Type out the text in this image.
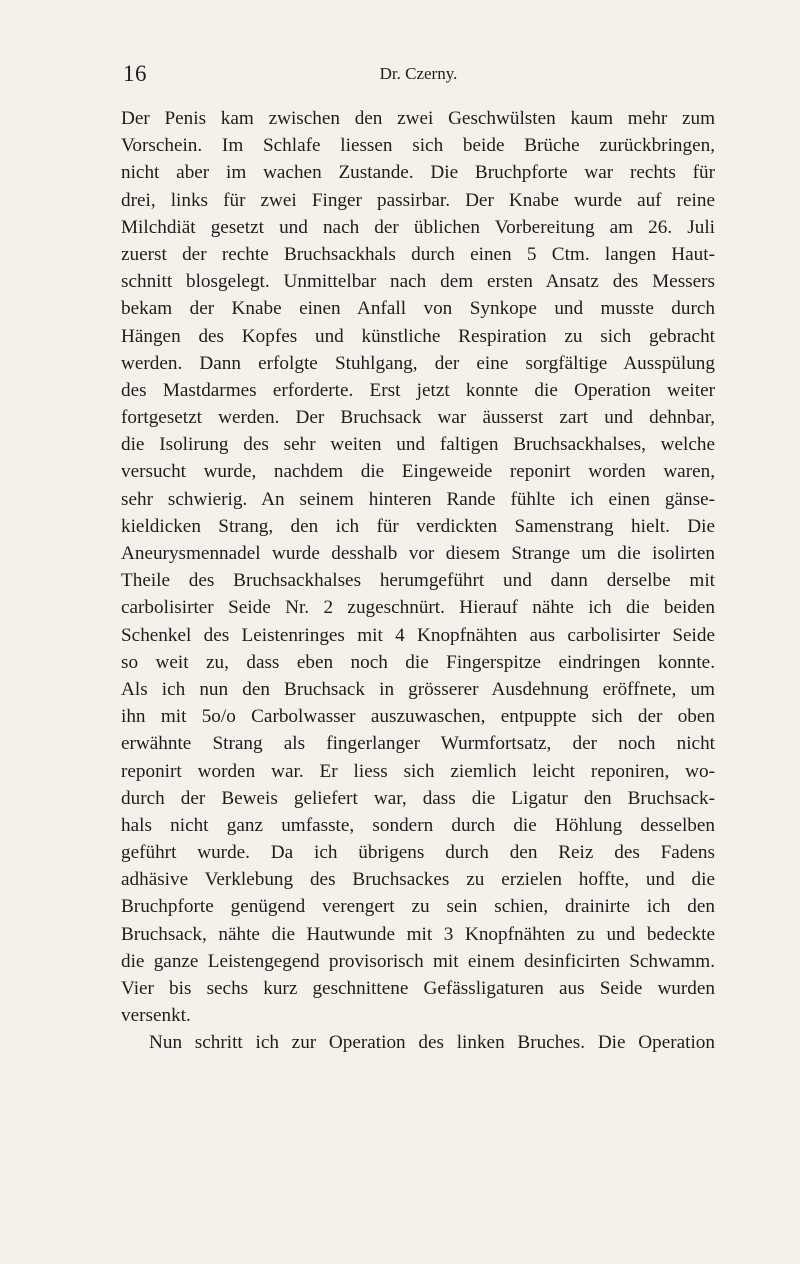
16	Dr. Czerny.
Der Penis kam zwischen den zwei Geschwülsten kaum mehr zum
Vorschein. Im Schlafe liessen sich beide Brüche zurückbringen,
nicht aber im wachen Zustande. Die Bruchpforte war rechts für
drei, links für zwei Finger passirbar. Der Knabe wurde auf reine
Milchdiät gesetzt und nach der üblichen Vorbereitung am 26. Juli
zuerst der rechte Bruchsackhals durch einen 5 Ctm. langen Haut-
schnitt blosgelegt. Unmittelbar nach dem ersten Ansatz des Messers
bekam der Knabe einen Anfall von Synkope und musste durch
Hängen des Kopfes und künstliche Respiration zu sich gebracht
werden. Dann erfolgte Stuhlgang, der eine sorgfältige Ausspülung
des Mastdarmes erforderte. Erst jetzt konnte die Operation weiter
fortgesetzt werden. Der Bruchsack war äusserst zart und dehnbar,
die Isolirung des sehr weiten und faltigen Bruchsackhalses, welche
versucht wurde, nachdem die Eingeweide reponirt worden waren,
sehr schwierig. An seinem hinteren Rande fühlte ich einen gänse-
kieldicken Strang, den ich für verdickten Samenstrang hielt. Die
Aneurysmennadel wurde desshalb vor diesem Strange um die isolirten
Theile des Bruchsackhalses herumgeführt und dann derselbe mit
carbolisirter Seide Nr. 2 zugeschnürt. Hierauf nähte ich die beiden
Schenkel des Leistenringes mit 4 Knopfnähten aus carbolisirter Seide
so weit zu, dass eben noch die Fingerspitze eindringen konnte.
Als ich nun den Bruchsack in grösserer Ausdehnung eröffnete, um
ihn mit 5o/o Carbolwasser auszuwaschen, entpuppte sich der oben
erwähnte Strang als fingerlanger Wurmfortsatz, der noch nicht
reponirt worden war. Er liess sich ziemlich leicht reponiren, wo-
durch der Beweis geliefert war, dass die Ligatur den Bruchsack-
hals nicht ganz umfasste, sondern durch die Höhlung desselben
geführt wurde. Da ich übrigens durch den Reiz des Fadens
adhäsive Verklebung des Bruchsackes zu erzielen hoffte, und die
Bruchpforte genügend verengert zu sein schien, drainirte ich den
Bruchsack, nähte die Hautwunde mit 3 Knopfnähten zu und bedeckte
die ganze Leistengegend provisorisch mit einem desinficirten Schwamm.
Vier bis sechs kurz geschnittene Gefässligaturen aus Seide wurden
versenkt.
Nun schritt ich zur Operation des linken Bruches. Die Operation
